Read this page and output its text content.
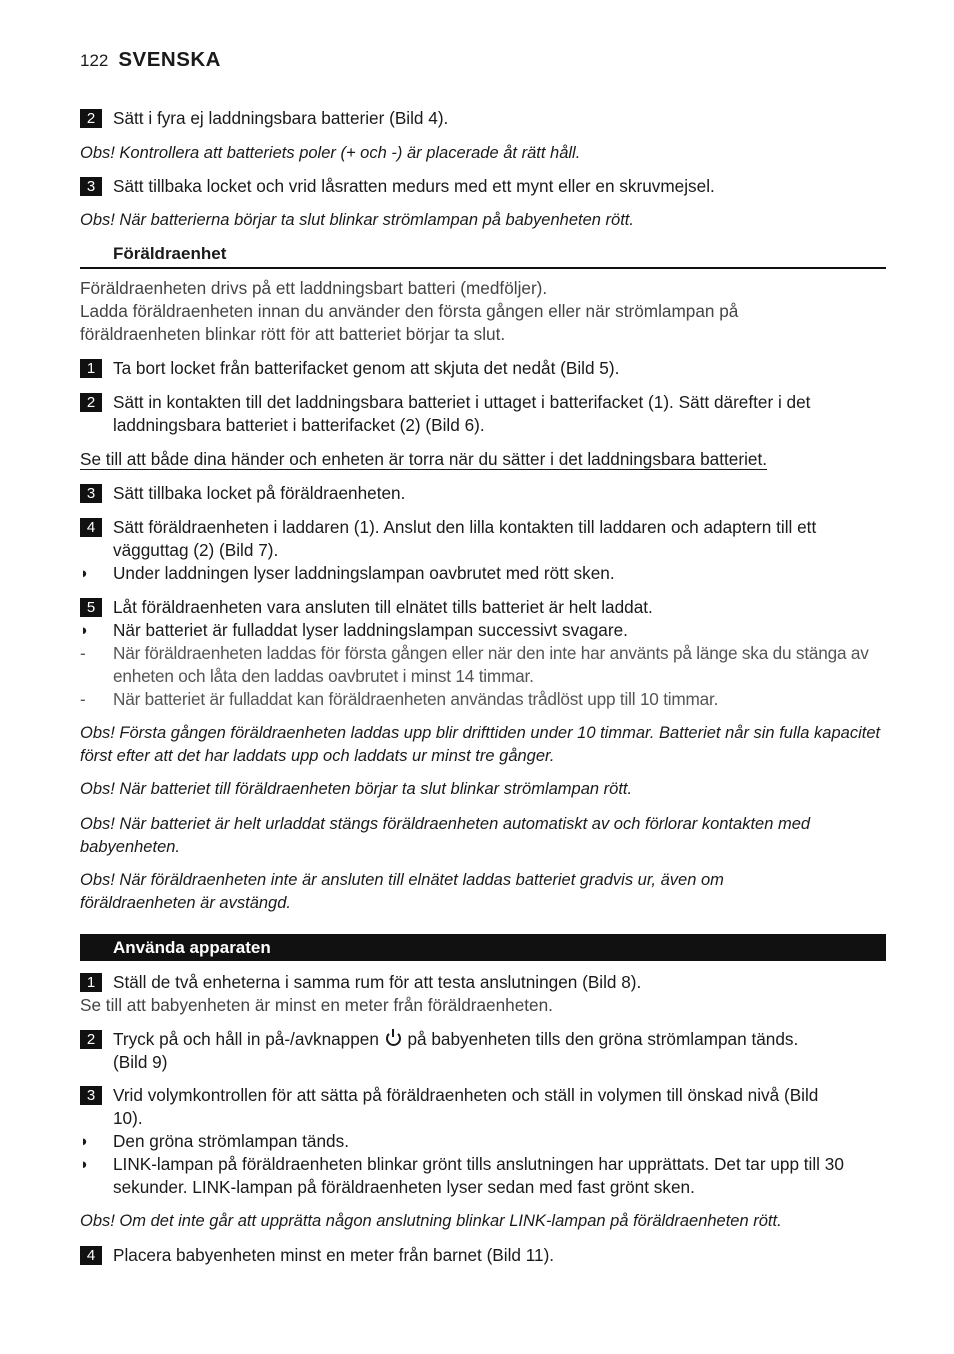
122 SVENSKA
2	Sätt i fyra ej laddningsbara batterier (Bild 4).
Obs! Kontrollera att batteriets poler (+ och -) är placerade åt rätt håll.
3	Sätt tillbaka locket och vrid låsratten medurs med ett mynt eller en skruvmejsel.
Obs! När batterierna börjar ta slut blinkar strömlampan på babyenheten rött.
Föräldraenhet
Föräldraenheten drivs på ett laddningsbart batteri (medföljer).
Ladda föräldraenheten innan du använder den första gången eller när strömlampan på föräldraenheten blinkar rött för att batteriet börjar ta slut.
1	Ta bort locket från batterifacket genom att skjuta det nedåt (Bild 5).
2	Sätt in kontakten till det laddningsbara batteriet i uttaget i batterifacket (1). Sätt därefter i det laddningsbara batteriet i batterifacket (2) (Bild 6).
Se till att både dina händer och enheten är torra när du sätter i det laddningsbara batteriet.
3	Sätt tillbaka locket på föräldraenheten.
4	Sätt föräldraenheten i laddaren (1). Anslut den lilla kontakten till laddaren och adaptern till ett vägguttag (2) (Bild 7).
◗	Under laddningen lyser laddningslampan oavbrutet med rött sken.
5	Låt föräldraenheten vara ansluten till elnätet tills batteriet är helt laddat.
◗	När batteriet är fulladdat lyser laddningslampan successivt svagare.
-	När föräldraenheten laddas för första gången eller när den inte har använts på länge ska du stänga av enheten och låta den laddas oavbrutet i minst 14 timmar.
-	När batteriet är fulladdat kan föräldraenheten användas trådlöst upp till 10 timmar.
Obs! Första gången föräldraenheten laddas upp blir drifttiden under 10 timmar. Batteriet når sin fulla kapacitet först efter att det har laddats upp och laddats ur minst tre gånger.
Obs! När batteriet till föräldraenheten börjar ta slut blinkar strömlampan rött.
Obs! När batteriet är helt urladdat stängs föräldraenheten automatiskt av och förlorar kontakten med babyenheten.
Obs! När föräldraenheten inte är ansluten till elnätet laddas batteriet gradvis ur, även om föräldraenheten är avstängd.
Använda apparaten
1	Ställ de två enheterna i samma rum för att testa anslutningen (Bild 8).
Se till att babyenheten är minst en meter från föräldraenheten.
2	Tryck på och håll in på-/avknappen på babyenheten tills den gröna strömlampan tänds. (Bild 9)
3	Vrid volymkontrollen för att sätta på föräldraenheten och ställ in volymen till önskad nivå (Bild 10).
◗	Den gröna strömlampan tänds.
◗	LINK-lampan på föräldraenheten blinkar grönt tills anslutningen har upprättats. Det tar upp till 30 sekunder. LINK-lampan på föräldraenheten lyser sedan med fast grönt sken.
Obs! Om det inte går att upprätta någon anslutning blinkar LINK-lampan på föräldraenheten rött.
4	Placera babyenheten minst en meter från barnet (Bild 11).
